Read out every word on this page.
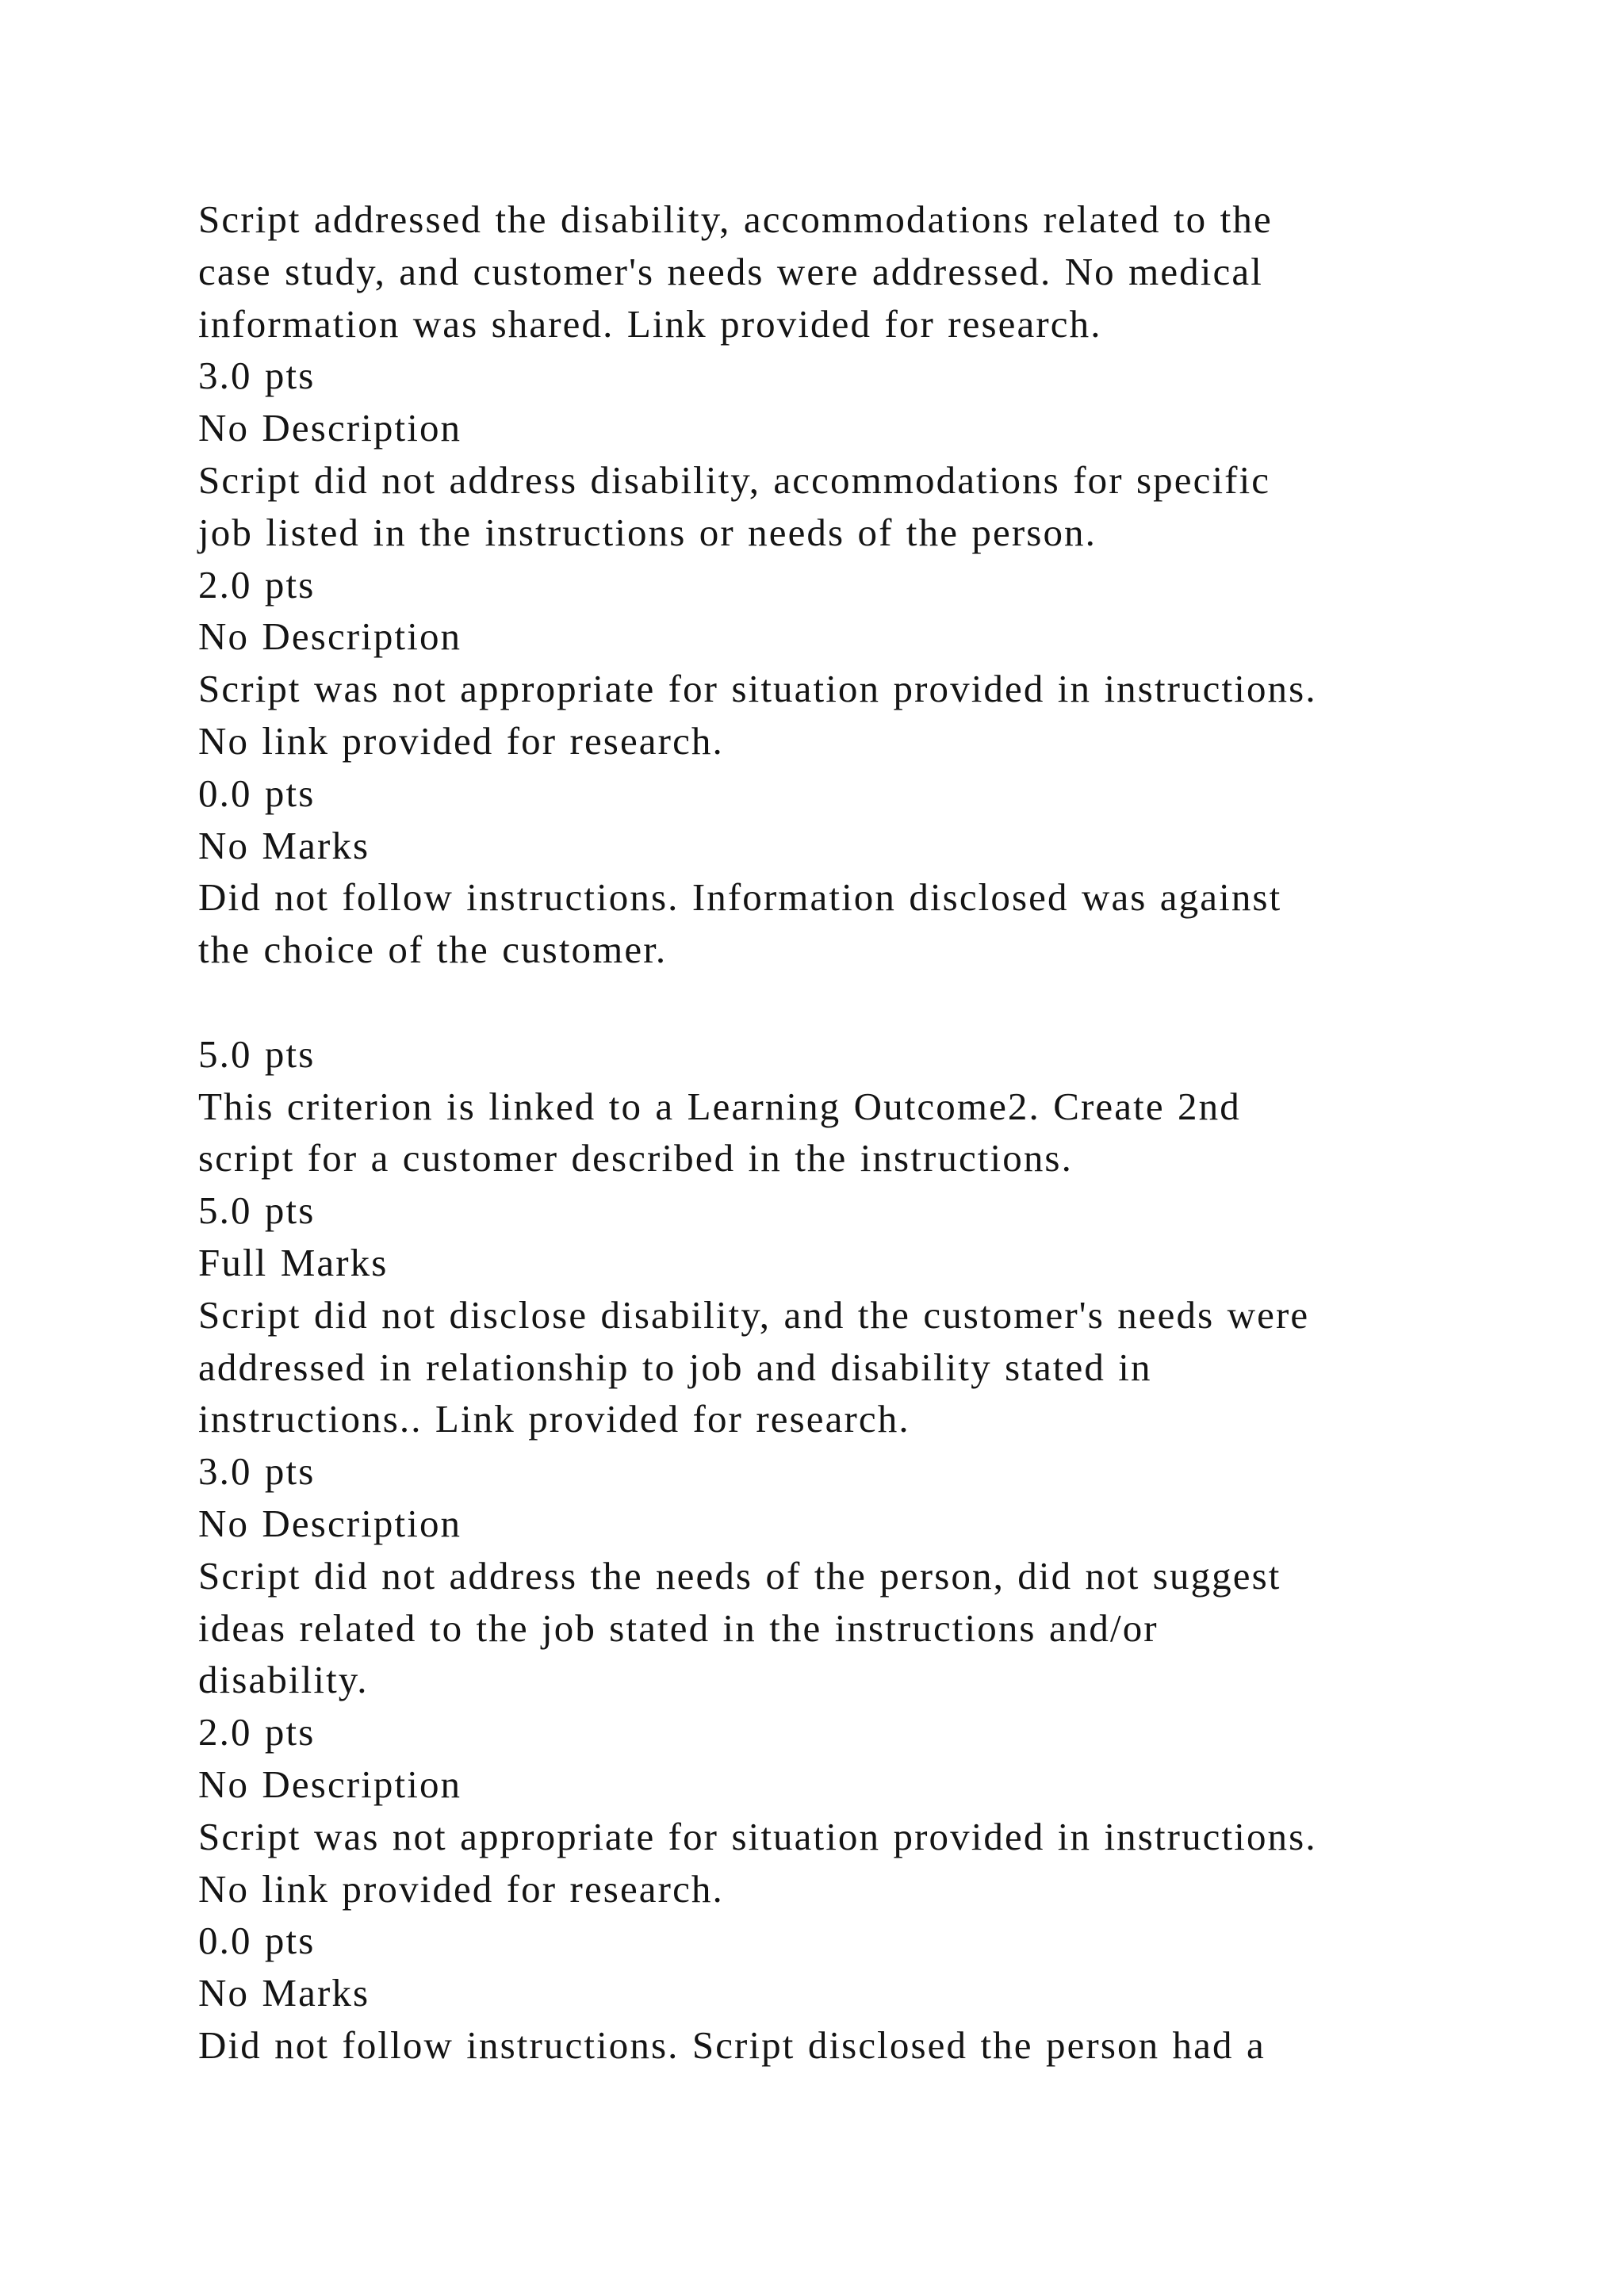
Script addressed the disability, accommodations related to the
case study, and customer's needs were addressed. No medical
information was shared. Link provided for research.
3.0 pts
No Description
Script did not address disability, accommodations for specific
job listed in the instructions or needs of the person.
2.0 pts
No Description
Script was not appropriate for situation provided in instructions.
No link provided for research.
0.0 pts
No Marks
Did not follow instructions. Information disclosed was against
the choice of the customer.
5.0 pts
This criterion is linked to a Learning Outcome2. Create 2nd
script for a customer described in the instructions.
5.0 pts
Full Marks
Script did not disclose disability, and the customer's needs were
addressed in relationship to job and disability stated in
instructions.. Link provided for research.
3.0 pts
No Description
Script did not address the needs of the person, did not suggest
ideas related to the job stated in the instructions and/or
disability.
2.0 pts
No Description
Script was not appropriate for situation provided in instructions.
No link provided for research.
0.0 pts
No Marks
Did not follow instructions. Script disclosed the person had a
